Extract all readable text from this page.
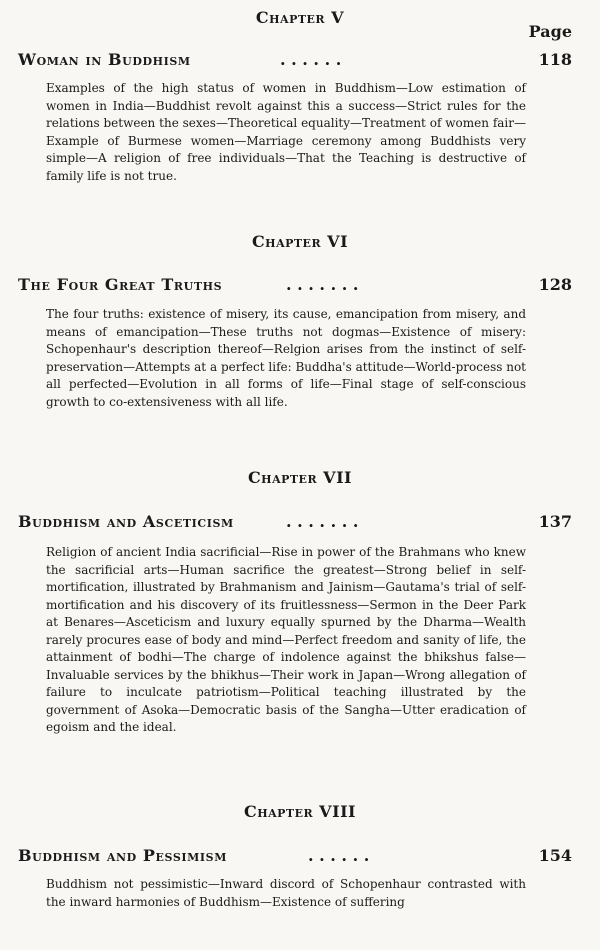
Chapter V
Page
Woman in Buddhism	. . . . . .	118
Examples of the high status of women in Buddhism—Low estimation of women in India—Buddhist revolt against this a success—Strict rules for the relations between the sexes—Theoretical equality—Treatment of women fair—Example of Burmese women—Marriage ceremony among Buddhists very simple—A religion of free individuals—That the Teaching is destructive of family life is not true.
Chapter VI
The Four Great Truths	. . . . . . .	128
The four truths: existence of misery, its cause, emancipation from misery, and means of emancipation—These truths not dogmas—Existence of misery: Schopenhaur's description thereof—Relgion arises from the instinct of self-preservation—Attempts at a perfect life: Buddha's attitude—World-process not all perfected—Evolution in all forms of life—Final stage of self-conscious growth to co-extensiveness with all life.
Chapter VII
Buddhism and Asceticism	. . . . . . .	137
Religion of ancient India sacrificial—Rise in power of the Brahmans who knew the sacrificial arts—Human sacrifice the greatest—Strong belief in self-mortification, illustrated by Brahmanism and Jainism—Gautama's trial of self-mortification and his discovery of its fruitlessness—Sermon in the Deer Park at Benares—Asceticism and luxury equally spurned by the Dharma—Wealth rarely procures ease of body and mind—Perfect freedom and sanity of life, the attainment of bodhi—The charge of indolence against the bhikshus false—Invaluable services by the bhikhus—Their work in Japan—Wrong allegation of failure to inculcate patriotism—Political teaching illustrated by the government of Asoka—Democratic basis of the Sangha—Utter eradication of egoism and the ideal.
Chapter VIII
Buddhism and Pessimism	. . . . . .	154
Buddhism not pessimistic—Inward discord of Schopenhaur contrasted with the inward harmonies of Buddhism—Existence of suffering
